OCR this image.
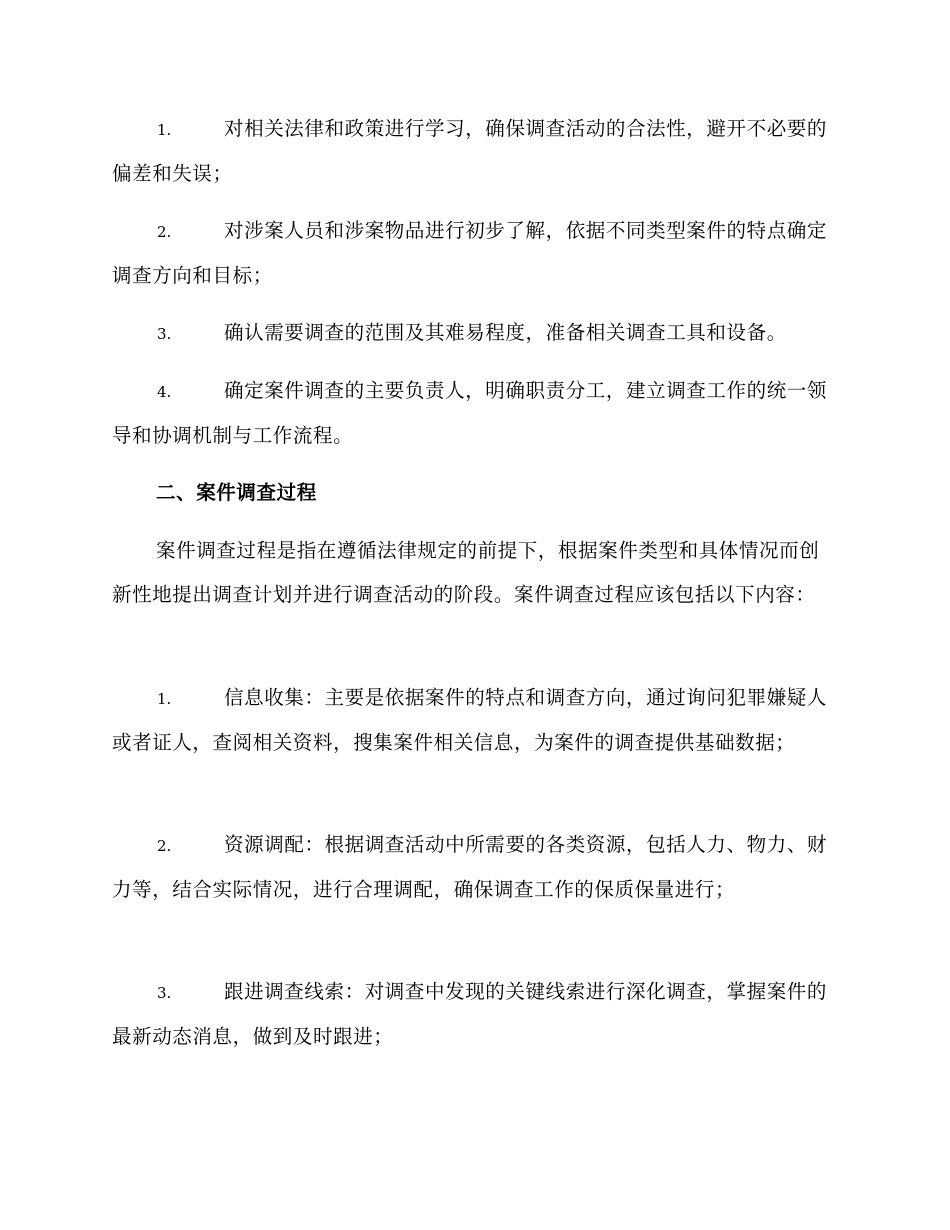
1.	对相关法律和政策进行学习，确保调查活动的合法性，避开不必要的偏差和失误；

2.	对涉案人员和涉案物品进行初步了解，依据不同类型案件的特点确定调查方向和目标；

3.	确认需要调查的范围及其难易程度，准备相关调查工具和设备。

4.	确定案件调查的主要负责人，明确职责分工，建立调查工作的统一领导和协调机制与工作流程。

二、案件调查过程

案件调查过程是指在遵循法律规定的前提下，根据案件类型和具体情况而创新性地提出调查计划并进行调查活动的阶段。案件调查过程应该包括以下内容：

1.	信息收集：主要是依据案件的特点和调查方向，通过询问犯罪嫌疑人或者证人，查阅相关资料，搜集案件相关信息，为案件的调查提供基础数据；

2.	资源调配：根据调查活动中所需要的各类资源，包括人力、物力、财力等，结合实际情况，进行合理调配，确保调查工作的保质保量进行；

3.	跟进调查线索：对调查中发现的关键线索进行深化调查，掌握案件的最新动态消息，做到及时跟进；
